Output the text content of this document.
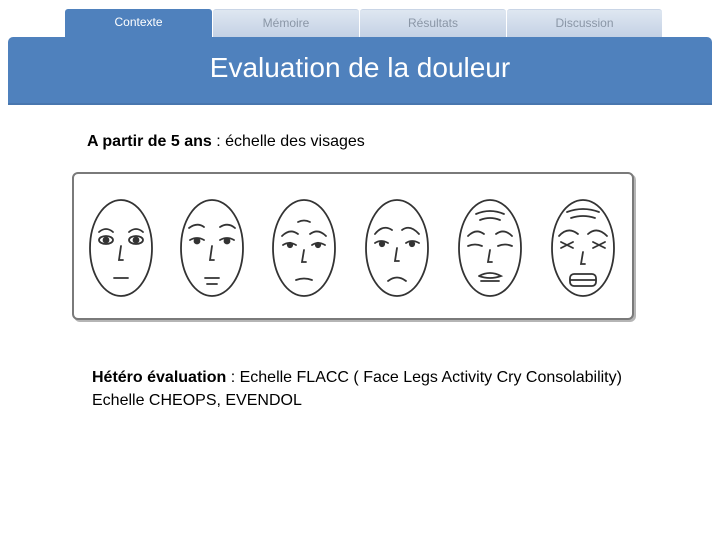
Contexte	Mémoire	Résultats	Discussion
Evaluation de la douleur
A partir de 5 ans : échelle des visages
Hétéro évaluation : Echelle FLACC ( Face Legs Activity Cry Consolability) Echelle CHEOPS, EVENDOL
